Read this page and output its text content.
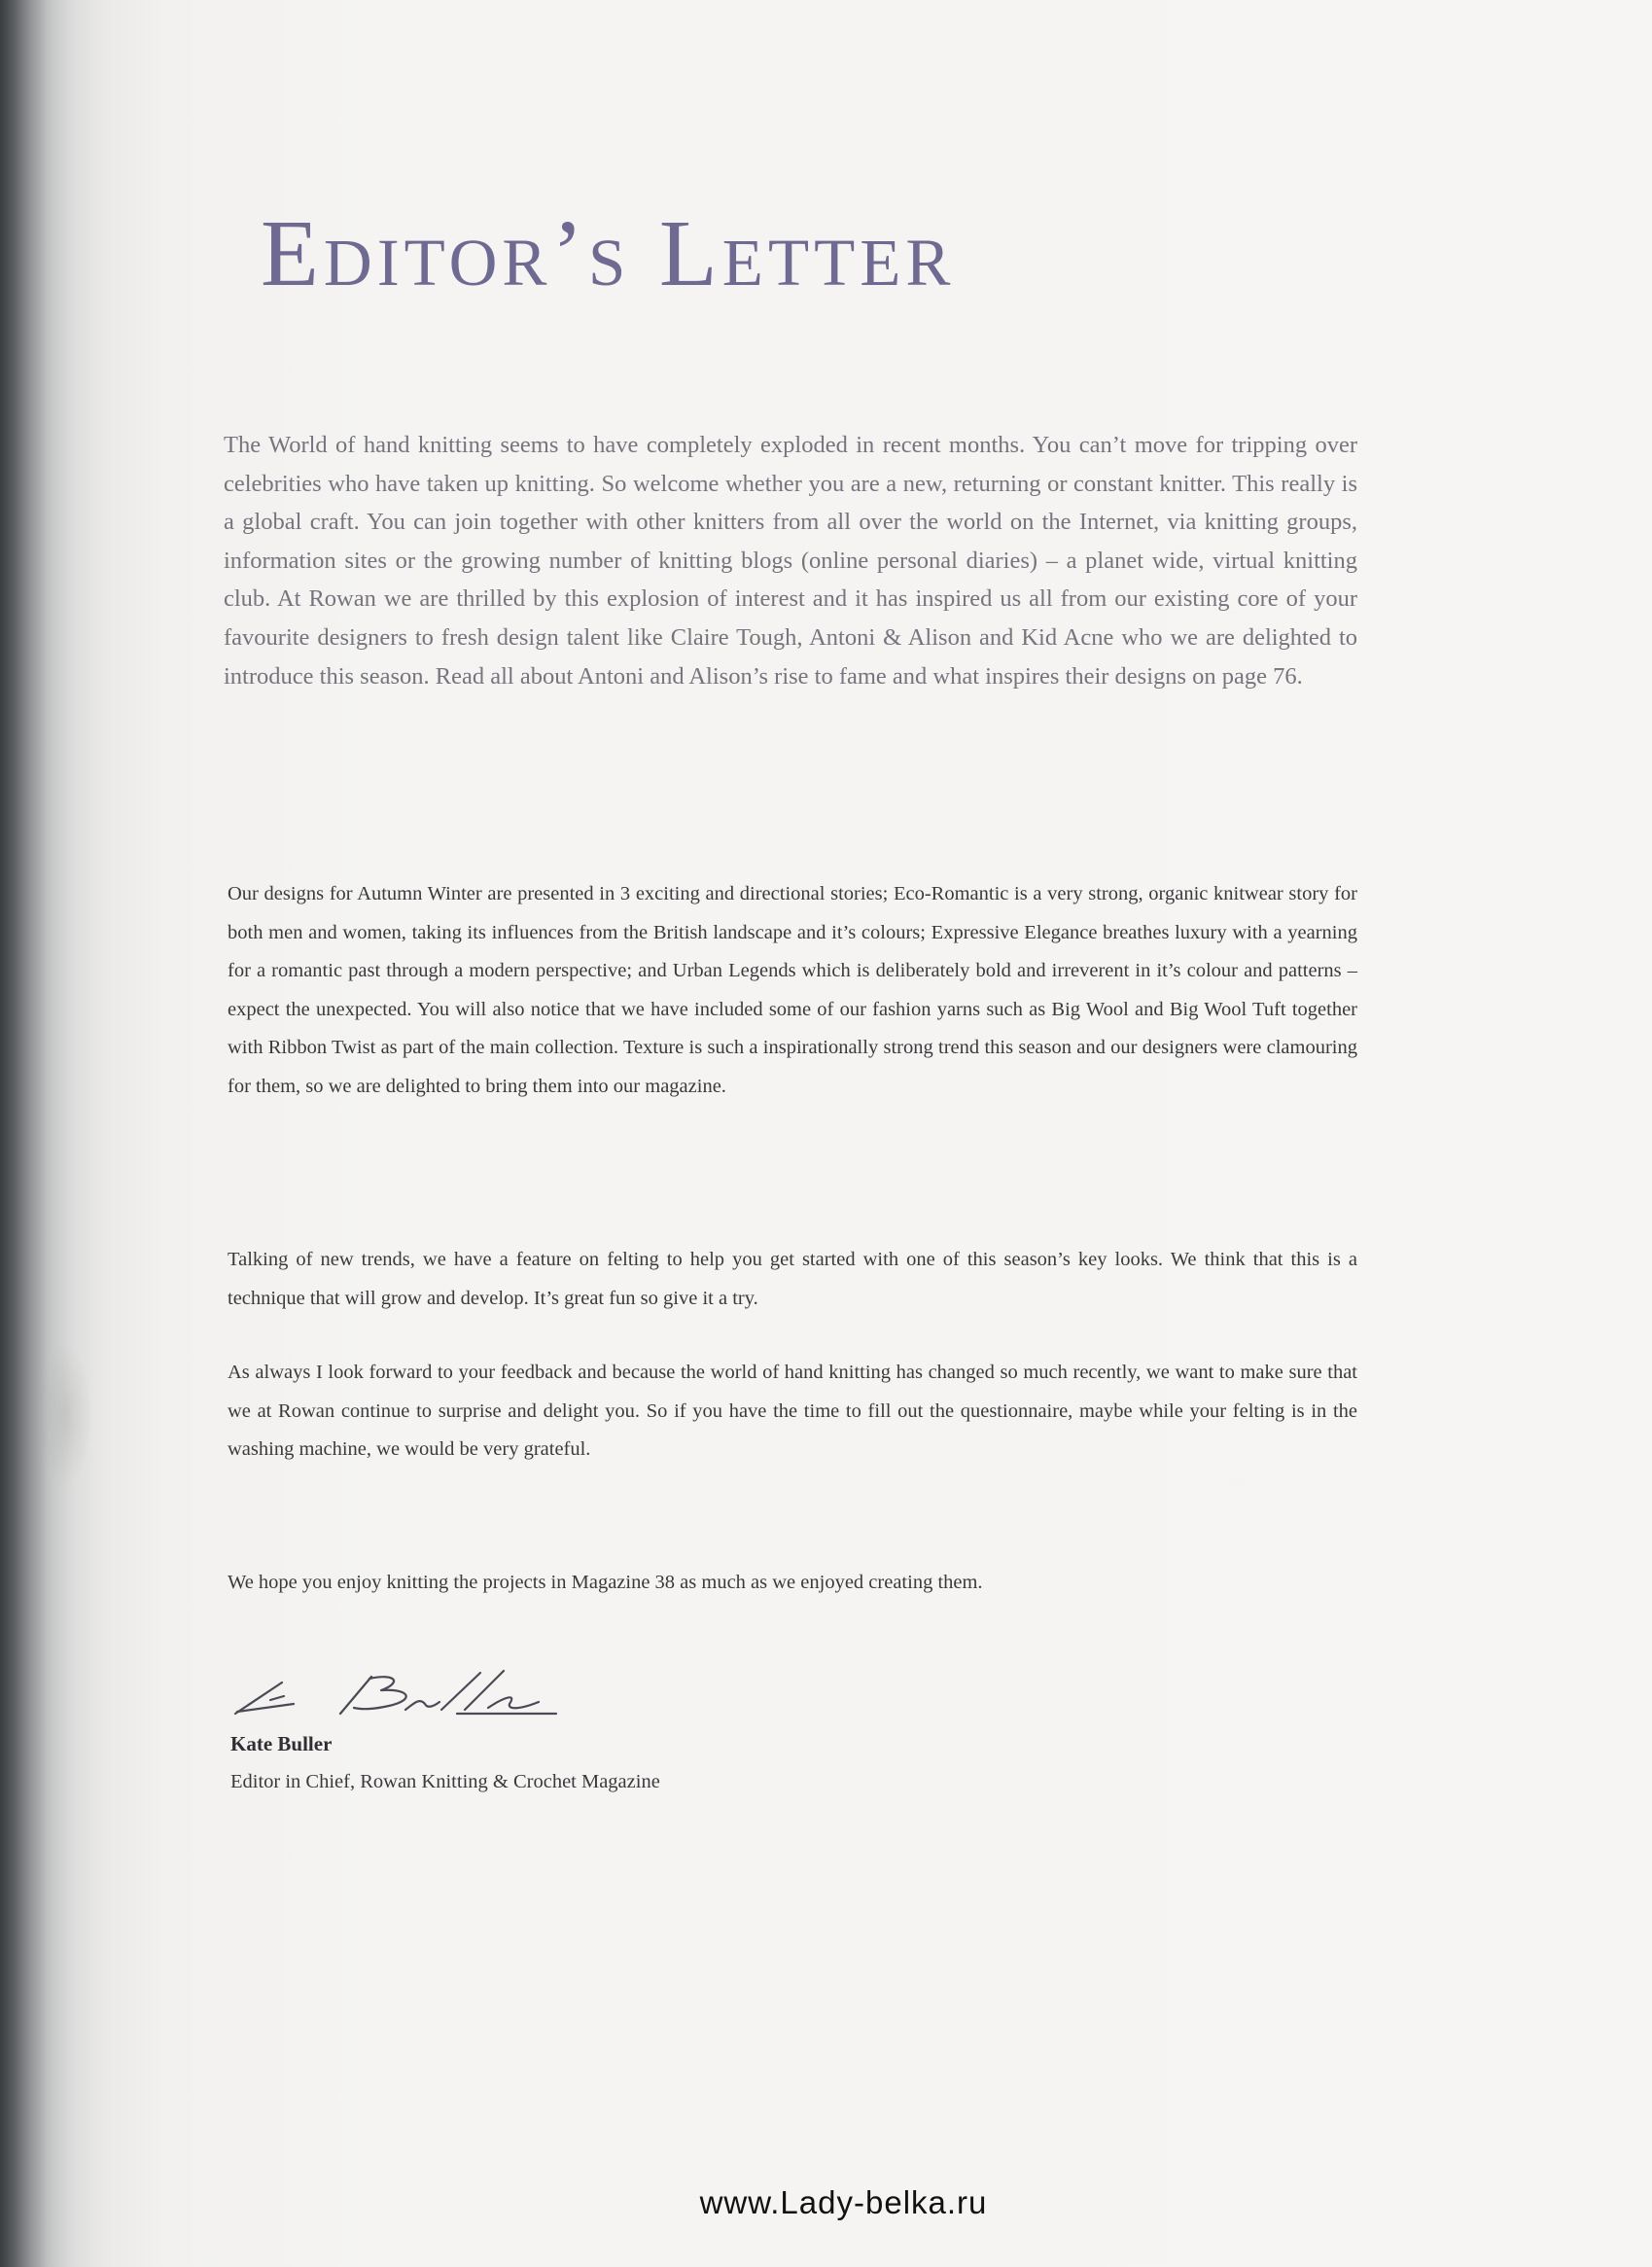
Editor’s Letter

The World of hand knitting seems to have completely exploded in recent months. You can’t move for tripping over celebrities who have taken up knitting. So welcome whether you are a new, returning or constant knitter. This really is a global craft. You can join together with other knitters from all over the world on the Internet, via knitting groups, information sites or the growing number of knitting blogs (online personal diaries) – a planet wide, virtual knitting club. At Rowan we are thrilled by this explosion of interest and it has inspired us all from our existing core of your favourite designers to fresh design talent like Claire Tough, Antoni & Alison and Kid Acne who we are delighted to introduce this season. Read all about Antoni and Alison’s rise to fame and what inspires their designs on page 76.

Our designs for Autumn Winter are presented in 3 exciting and directional stories; Eco-Romantic is a very strong, organic knitwear story for both men and women, taking its influences from the British landscape and it’s colours; Expressive Elegance breathes luxury with a yearning for a romantic past through a modern perspective; and Urban Legends which is deliberately bold and irreverent in it’s colour and patterns – expect the unexpected. You will also notice that we have included some of our fashion yarns such as Big Wool and Big Wool Tuft together with Ribbon Twist as part of the main collection. Texture is such a inspirationally strong trend this season and our designers were clamouring for them, so we are delighted to bring them into our magazine.

Talking of new trends, we have a feature on felting to help you get started with one of this season’s key looks. We think that this is a technique that will grow and develop. It’s great fun so give it a try.

As always I look forward to your feedback and because the world of hand knitting has changed so much recently, we want to make sure that we at Rowan continue to surprise and delight you. So if you have the time to fill out the questionnaire, maybe while your felting is in the washing machine, we would be very grateful.

We hope you enjoy knitting the projects in Magazine 38 as much as we enjoyed creating them.

Kate Buller

Editor in Chief, Rowan Knitting & Crochet Magazine

www.Lady-belka.ru
